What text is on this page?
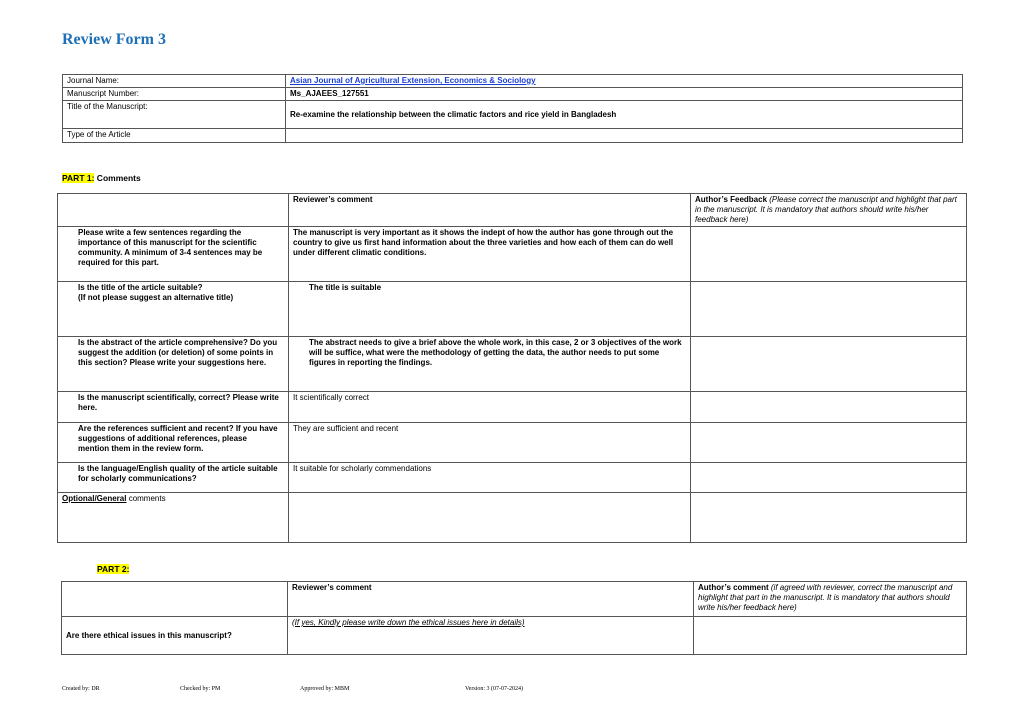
Review Form 3
Journal Name:	Asian Journal of Agricultural Extension, Economics & Sociology
Manuscript Number:	Ms_AJAEES_127551
Title of the Manuscript:	Re-examine the relationship between the climatic factors and rice yield in Bangladesh
Type of the Article	
PART 1: Comments
	Reviewer’s comment	Author’s Feedback (Please correct the manuscript and highlight that part in the manuscript. It is mandatory that authors should write his/her feedback here)
Please write a few sentences regarding the importance of this manuscript for the scientific community. A minimum of 3-4 sentences may be required for this part.	The manuscript is very important as it shows the indept of how the author has gone through out the country to give us first hand information about the three varieties and how each of them can do well under different climatic conditions.	
Is the title of the article suitable?
(If not please suggest an alternative title)	The title is suitable	
Is the abstract of the article comprehensive? Do you suggest the addition (or deletion) of some points in this section? Please write your suggestions here.	The abstract needs to give a brief above the whole work, in this case, 2 or 3 objectives of the work will be suffice, what were the methodology of getting the data, the author needs to put some figures in reporting the findings.	
Is the manuscript scientifically, correct? Please write here.	It scientifically correct	
Are the references sufficient and recent? If you have suggestions of additional references, please mention them in the review form.	They are sufficient and recent	
Is the language/English quality of the article suitable for scholarly communications?	It suitable for scholarly commendations	
Optional/General comments		
PART 2:
	Reviewer’s comment	Author’s comment (if agreed with reviewer, correct the manuscript and highlight that part in the manuscript. It is mandatory that authors should write his/her feedback here)
Are there ethical issues in this manuscript?	(If yes, Kindly please write down the ethical issues here in details)	
Created by: DR	Checked by: PM	Approved by: MBM	Version: 3 (07-07-2024)
